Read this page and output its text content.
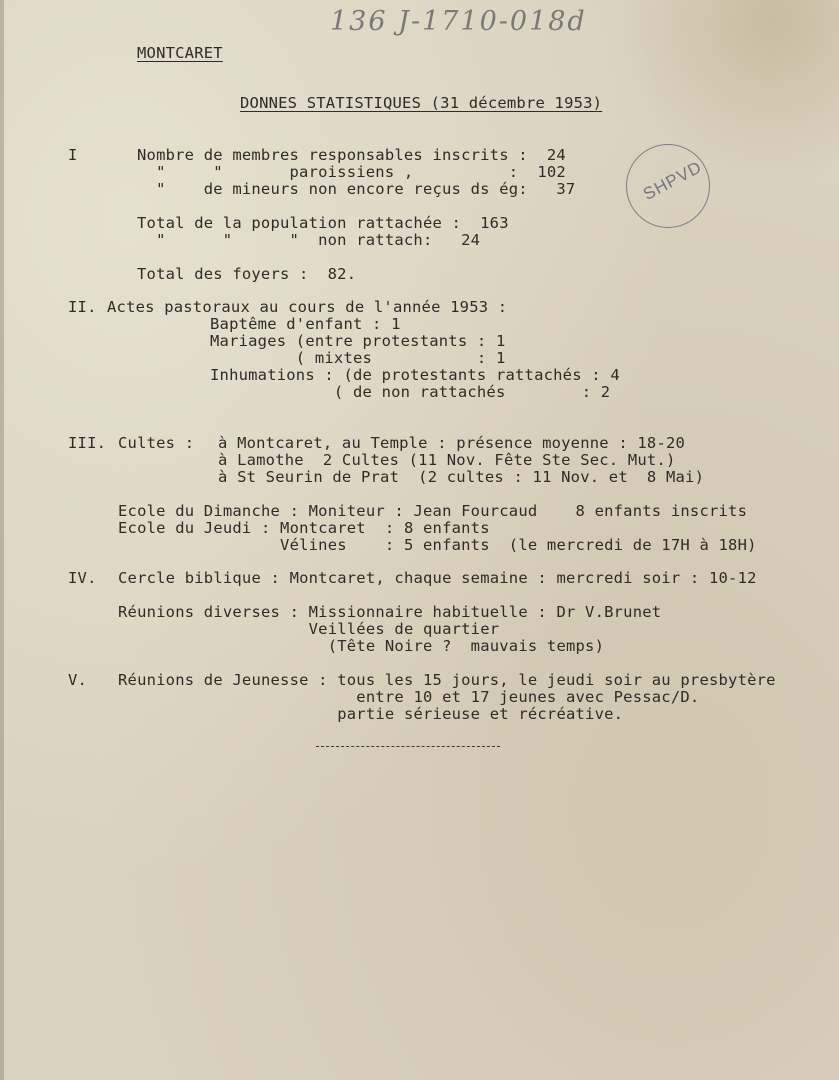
136 J-1710-018d
MONTCARET
DONNES STATISTIQUES (31 décembre 1953)
SHPVD
I	Nombre de membres responsables inscrits :  24
"     "       paroissiens ,          :  102
"    de mineurs non encore reçus ds ég:   37
Total de la population rattachée :  163
"      "      "  non rattach:   24
Total des foyers :  82.
II. Actes pastoraux au cours de l'année 1953 :
Baptême d'enfant : 1
Mariages (entre protestants : 1
( mixtes           : 1
Inhumations : (de protestants rattachés : 4
( de non rattachés        : 2
III. Cultes : à Montcaret, au Temple : présence moyenne : 18-20
à Lamothe  2 Cultes (11 Nov. Fête Ste Sec. Mut.)
à St Seurin de Prat  (2 cultes : 11 Nov. et  8 Mai)
Ecole du Dimanche : Moniteur : Jean Fourcaud    8 enfants inscrits
Ecole du Jeudi : Montcaret  : 8 enfants
Vélines    : 5 enfants  (le mercredi de 17H à 18H)
IV. Cercle biblique : Montcaret, chaque semaine : mercredi soir : 10-12
Réunions diverses : Missionnaire habituelle : Dr V.Brunet
Veillées de quartier
(Tête Noire ?  mauvais temps)
V. Réunions de Jeunesse : tous les 15 jours, le jeudi soir au presbytère
entre 10 et 17 jeunes avec Pessac/D.
partie sérieuse et récréative.
